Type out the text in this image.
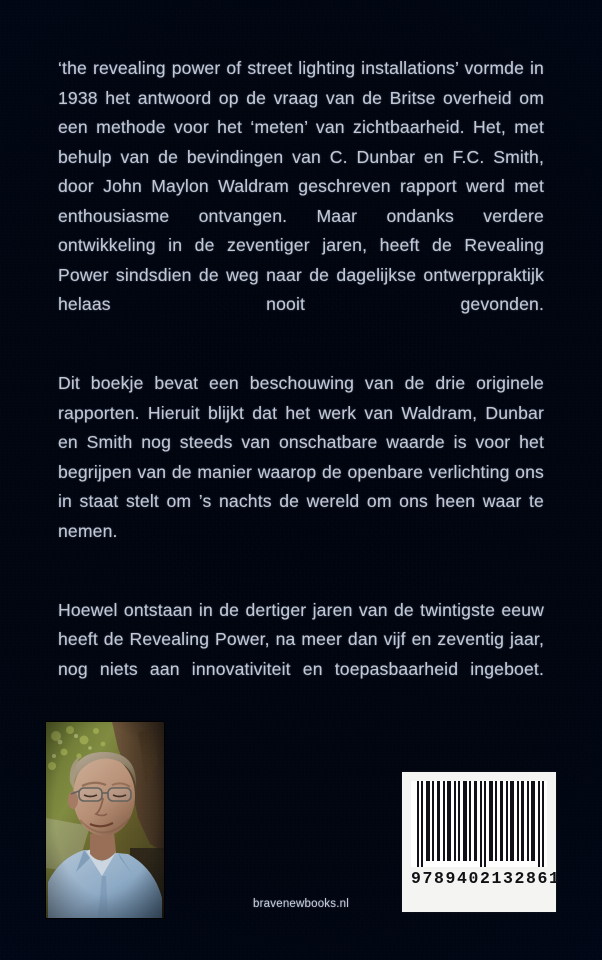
‘the revealing power of street lighting installations’ vormde in 1938 het antwoord op de vraag van de Britse overheid om een methode voor het ‘meten’ van zichtbaarheid. Het, met behulp van de bevindingen van C. Dunbar en F.C. Smith, door John Maylon Waldram geschreven rapport werd met enthousiasme ontvangen. Maar ondanks verdere ontwikkeling in de zeventiger jaren, heeft de Revealing Power sindsdien de weg naar de dagelijkse ontwerppraktijk helaas nooit gevonden.

Dit boekje bevat een beschouwing van de drie originele rapporten. Hieruit blijkt dat het werk van Waldram, Dunbar en Smith nog steeds van onschatbare waarde is voor het begrijpen van de manier waarop de openbare verlichting ons in staat stelt om ’s nachts de wereld om ons heen waar te nemen.

Hoewel ontstaan in de dertiger jaren van de twintigste eeuw heeft de Revealing Power, na meer dan vijf en zeventig jaar, nog niets aan innovativiteit en toepasbaarheid ingeboet.

bravenewbooks.nl
9789402132861
